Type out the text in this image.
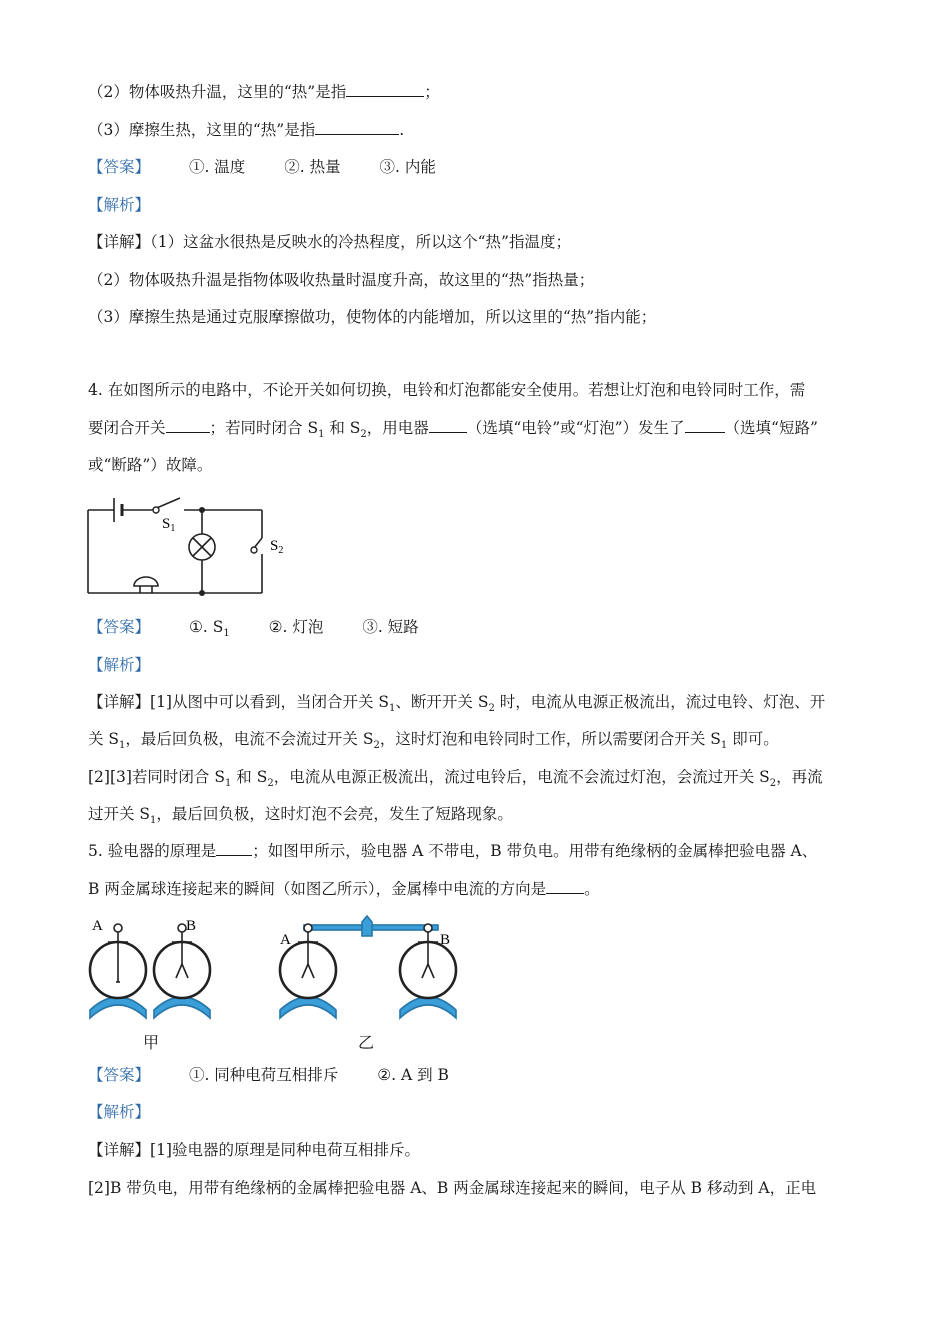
（2）物体吸热升温，这里的“热”是指	；
（3）摩擦生热，这里的“热”是指	.
【答案】	①. 温度	②. 热量	③. 内能
【解析】
【详解】（1）这盆水很热是反映水的冷热程度，所以这个“热”指温度；
（2）物体吸热升温是指物体吸收热量时温度升高，故这里的“热”指热量；
（3）摩擦生热是通过克服摩擦做功，使物体的内能增加，所以这里的“热”指内能；
4. 在如图所示的电路中，不论开关如何切换，电铃和灯泡都能安全使用。若想让灯泡和电铃同时工作，需
要闭合开关	；若同时闭合 $S_1$ 和 $S_2$，用电器 （选填“电铃”或“灯泡”）发生了	（选填“短路”
或“断路”）故障。
$S_1$
$S_2$
【答案】	①. $S_1$	②. 灯泡	③. 短路
【解析】
【详解】[1]从图中可以看到，当闭合开关 $S_1$、断开开关 $S_2$ 时，电流从电源正极流出，流过电铃、灯泡、开
关 $S_1$，最后回负极，电流不会流过开关 $S_2$，这时灯泡和电铃同时工作，所以需要闭合开关 $S_1$ 即可。
[2][3]若同时闭合 $S_1$ 和 $S_2$，电流从电源正极流出，流过电铃后，电流不会流过灯泡，会流过开关 $S_2$，再流
过开关 $S_1$，最后回负极，这时灯泡不会亮，发生了短路现象。
5. 验电器的原理是 ；如图甲所示，验电器 A 不带电，B 带负电。用带有绝缘柄的金属棒把验电器 A、
B 两金属球连接起来的瞬间（如图乙所示），金属棒中电流的方向是 。
A	B
A	B
甲	乙
【答案】	①. 同种电荷互相排斥	②. A 到 B
【解析】
【详解】[1]验电器的原理是同种电荷互相排斥。
[2]B 带负电，用带有绝缘柄的金属棒把验电器 A、B 两金属球连接起来的瞬间，电子从 B 移动到 A，正电
